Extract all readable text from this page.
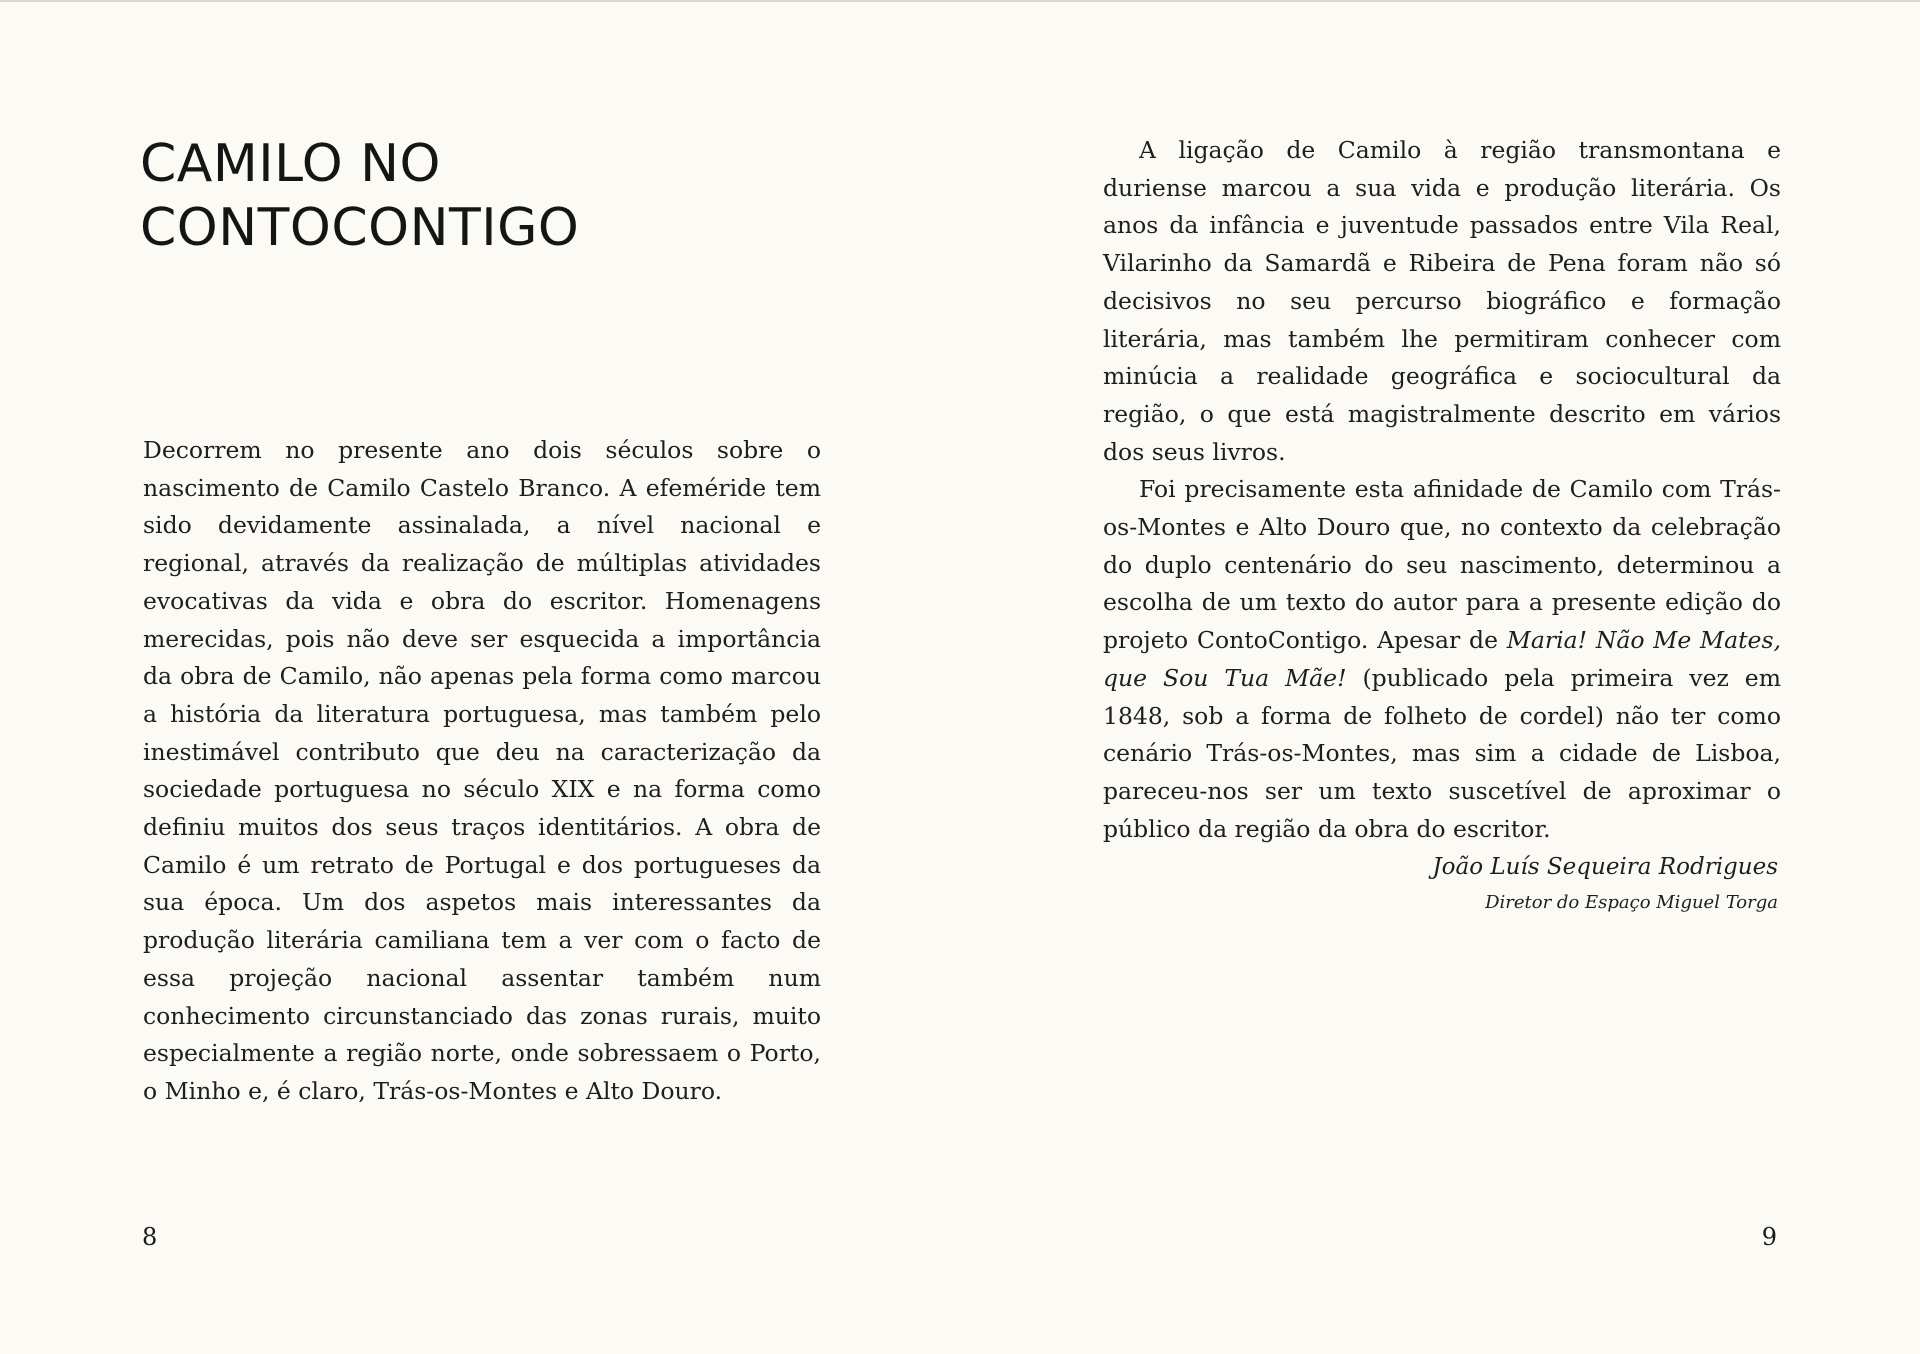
CAMILO NO
CONTOCONTIGO

Decorrem no presente ano dois séculos sobre o nascimento de Camilo Castelo Branco. A efeméride tem sido devidamente assinalada, a nível nacional e regional, através da realização de múltiplas atividades evocativas da vida e obra do escritor. Homenagens merecidas, pois não deve ser esquecida a importância da obra de Camilo, não apenas pela forma como marcou a história da literatura portuguesa, mas também pelo inestimável contributo que deu na caracterização da sociedade portuguesa no século XIX e na forma como definiu muitos dos seus traços identitários. A obra de Camilo é um retrato de Portugal e dos portugueses da sua época. Um dos aspetos mais interessantes da produção literária camiliana tem a ver com o facto de essa projeção nacional assentar também num conhecimento circunstanciado das zonas rurais, muito especialmente a região norte, onde sobressaem o Porto, o Minho e, é claro, Trás-os-Montes e Alto Douro.

8

A ligação de Camilo à região transmontana e duriense marcou a sua vida e produção literária. Os anos da infância e juventude passados entre Vila Real, Vilarinho da Samardã e Ribeira de Pena foram não só decisivos no seu percurso biográfico e formação literária, mas também lhe permitiram conhecer com minúcia a realidade geográfica e sociocultural da região, o que está magistralmente descrito em vários dos seus livros.

Foi precisamente esta afinidade de Camilo com Trás-os-Montes e Alto Douro que, no contexto da celebração do duplo centenário do seu nascimento, determinou a escolha de um texto do autor para a presente edição do projeto ContoContigo. Apesar de Maria! Não Me Mates, que Sou Tua Mãe! (publicado pela primeira vez em 1848, sob a forma de folheto de cordel) não ter como cenário Trás-os-Montes, mas sim a cidade de Lisboa, pareceu-nos ser um texto suscetível de aproximar o público da região da obra do escritor.

João Luís Sequeira Rodrigues
Diretor do Espaço Miguel Torga
9
